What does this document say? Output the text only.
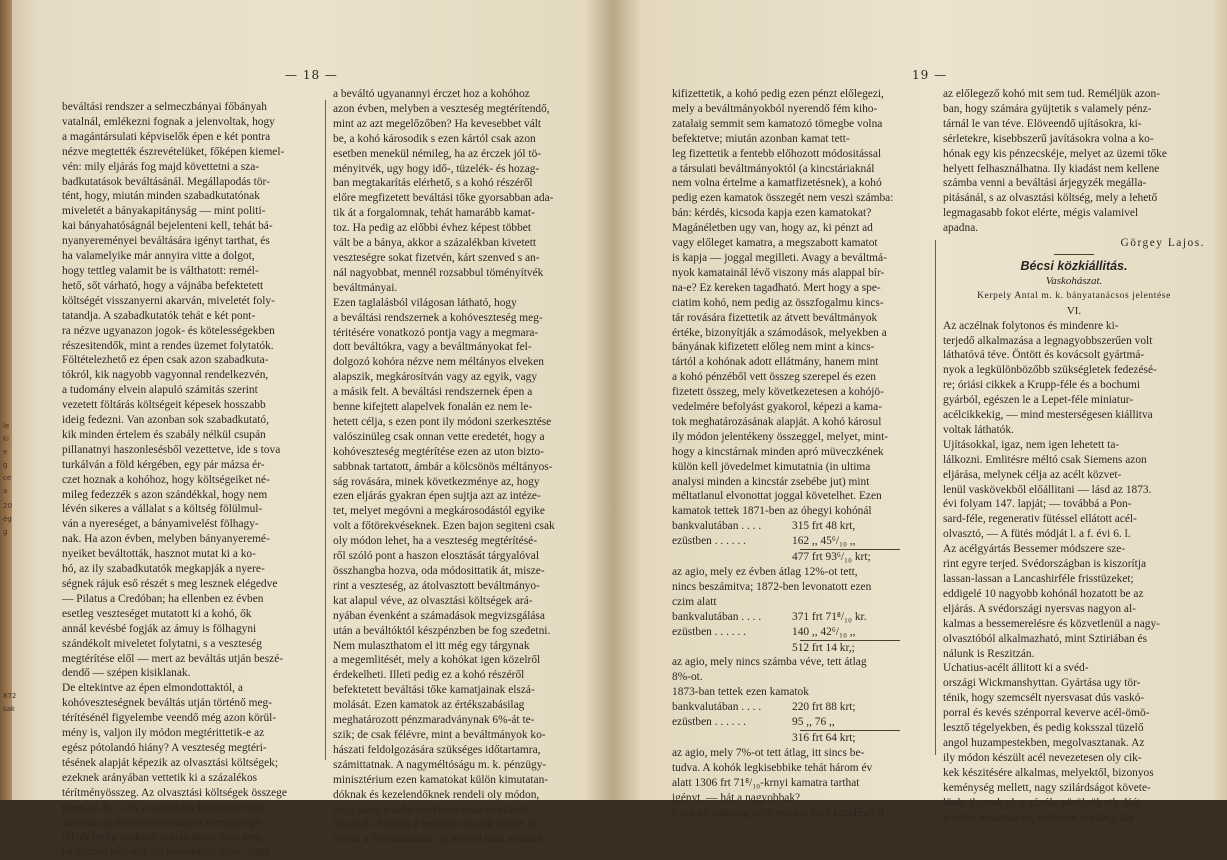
le
ki
e
g
ce
a
20
ég
g
872
sak
— 18 —
beváltási rendszer a selmeczbányai főbányah
vatalnál, emlékezni fognak a jelenvoltak, hogy
a magántársulati képviselők épen e két pontra
nézve megtették észrevételüket, főképen kiemel-
vén: mily eljárás fog majd követtetni a sza-
badkutatások beváltásánál. Megállapodás tör-
tént, hogy, miután minden szabadkutatónak
miveletét a bányakapitányság — mint politi-
kai bányahatóságnál bejelenteni kell, tehát bá-
nyanyereményei beváltására igényt tarthat, és
ha valamelyike már annyira vitte a dolgot,
hogy tettleg valamit be is válthatott: remél-
hető, sőt várható, hogy a vájnába befektetett
költségét visszanyerni akarván, miveletét foly-
tatandja. A szabadkutatók tehát e két pont-
ra nézve ugyanazon jogok- és kötelességekben
részesitendők, mint a rendes üzemet folytatók.
Föltételezhető ez épen csak azon szabadkuta-
tókról, kik nagyobb vagyonnal rendelkezvén,
a tudomány elvein alapuló számitás szerint
vezetett föltárás költségeit képesek hosszabb
ideig fedezni. Van azonban sok szabadkutató,
kik minden értelem és szabály nélkül csupán
pillanatnyi haszonlesésből vezettetve, ide s tova
turkálván a föld kérgében, egy pár mázsa ér-
czet hoznak a kohóhoz, hogy költségeiket né-
mileg fedezzék s azon szándékkal, hogy nem
lévén sikeres a vállalat s a költség fölülmul-
ván a nyereséget, a bányamivelést fölhagy-
nak. Ha azon évben, melyben bányanyeremé-
nyeiket beváltották, hasznot mutat ki a ko-
hó, az ily szabadkutatók megkapják a nyere-
ségnek rájuk eső részét s meg lesznek elégedve
— Pilatus a Credóban; ha ellenben ez évben
esetleg veszteséget mutatott ki a kohó, ők
annál kevésbé fogják az ámuy is fölhagyni
szándékolt miveletet folytatni, s a veszteség
megtérítése elől — mert az beváltás utján beszé-
dendő — szépen kisiklanak.
De eltekintve az épen elmondottaktól, a
kohóveszteségnek beváltás utján történő meg-
térítésénél figyelembe veendő még azon körül-
mény is, valjon ily módon megtérittetik-e az
egész pótolandó hiány? A veszteség megtéri-
tésének alapját képezik az olvasztási költségek;
ezeknek arányában vettetik ki a százalékos
térítményösszeg. Az olvasztási költségek összege
(nem az ár, — ez a salakadás functiója) függ
azonban az ércz-beváltmányok mennyiségé-
től, és pedig ezeknek száraz állapotban meg-
határozott súlyától. Ki kezeskedik arról, hogy
a beváltó ugyanannyi érczet hoz a kohóhoz
azon évben, melyben a veszteség megtérítendő,
mint az azt megelőzőben? Ha kevesebbet vált
be, a kohó károsodik s ezen kártól csak azon
esetben menekül némileg, ha az érczek jól tö-
ményitvék, ugy hogy idő-, tüzelék- és hozag-
ban megtakarítás elérhető, s a kohó részéről
előre megfizetett beváltási tőke gyorsabban ada-
tik át a forgalomnak, tehát hamarább kamat-
toz. Ha pedig az előbbi évhez képest többet
vált be a bánya, akkor a százalékban kivetett
veszteségre sokat fizetvén, kárt szenved s an-
nál nagyobbat, mennél rozsabbul töményítvék
beváltmányai.
Ezen taglalásból világosan látható, hogy
a beváltási rendszernek a kohóveszteség meg-
téritésére vonatkozó pontja vagy a megmara-
dott beváltókra, vagy a beváltmányokat fel-
dolgozó kohóra nézve nem méltányos elveken
alapszik, megkárosítván vagy az egyik, vagy
a másik felt. A beváltási rendszernek épen a
benne kifejtett alapelvek fonalán ez nem le-
hetett célja, s ezen pont ily módoni szerkesztése
valószinüleg csak onnan vette eredetét, hogy a
kohóveszteség megtérítése ezen az uton bizto-
sabbnak tartatott, ámbár a kölcsönös méltányos-
ság rovására, minek következménye az, hogy
ezen eljárás gyakran épen sujtja azt az intéze-
tet, melyet megóvni a megkárosodástól egyike
volt a főtörekvéseknek. Ezen bajon segiteni csak
oly módon lehet, ha a veszteség megtérítésé-
ről szóló pont a haszon elosztását tárgyalóval
összhangba hozva, oda módosittatik át, misze-
rint a veszteség, az átolvasztott beváltmányo-
kat alapul véve, az olvasztási költségek ará-
nyában évenként a számadások megvizsgálása
után a beváltóktól készpénzben be fog szedetni.
Nem mulaszthatom el itt még egy tárgynak
a megemlitését, mely a kohókat igen közelről
érdekelheti. Illeti pedig ez a kohó részéről
befektetett beváltási tőke kamatjainak elszá-
molását. Ezen kamatok az értékszabásilag
meghatározott pénzmaradványnak 6%-át te-
szik; de csak félévre, mint a beváltmányok ko-
hászati feldolgozására szükséges időtartamra,
számittatnak. A nagyméltóságu m. k. pénzügy-
minisztérium ezen kamatokat külön kimutatan-
dóknak és kezelendőknek rendeli oly módon,
hogy azok a kohó bevételei közé ne számit-
tassanak. Miután a beváltott érczek értéke, le-
vonva a levonandókat, az átvétel után azonnal
19 —
kifizettetik, a kohó pedig ezen pénzt előlegezi,
mely a beváltmányokból nyerendő fém kiho-
zatalaig semmit sem kamatozó tömegbe volna
befektetve; miután azonban kamat tett-
leg fizettetik a fentebb előhozott módositással
a társulati beváltmányoktól (a kincstáriaknál
nem volna értelme a kamatfizetésnek), a kohó
pedig ezen kamatok összegét nem veszi számba:
bán: kérdés, kicsoda kapja ezen kamatokat?
Magánéletben ugy van, hogy az, ki pénzt ad
vagy előleget kamatra, a megszabott kamatot
is kapja — joggal megilleti. Avagy a beváltmá-
nyok kamatainál lévő viszony más alappal bír-
na-e? Ez kereken tagadható. Mert hogy a spe-
ciatim kohó, nem pedig az összfogalmu kincs-
tár rovására fizettetik az átvett beváltmányok
értéke, bizonyítják a számodások, melyekben a
bányának kifizetett előleg nem mint a kincs-
tártól a kohónak adott ellátmány, hanem mint
a kohó pénzéből vett összeg szerepel és ezen
fizetett összeg, mely következetesen a kohójö-
vedelmére befolyást gyakorol, képezi a kama-
tok meghatározásának alapját. A kohó károsul
ily módon jelentékeny összeggel, melyet, mint-
hogy a kincstárnak minden apró müveczkének
külön kell jövedelmet kimutatnia (in ultima
analysi minden a kincstár zsebébe jut) mint
méltatlanul elvonottat joggal követelhet. Ezen
kamatok tettek 1871-ben az óhegyi kohónál
bankvalutában . . . .	315 frt 48 krt,
ezüstben . . . . . .	162 ,, 45⁶/₁₀ ,,
477 frt 93⁶/₁₀ krt;
az agio, mely ez évben átlag 12%-ot tett,
nincs beszámitva; 1872-ben levonatott ezen
czim alatt
bankvalutában . . . .	371 frt 71⁸/₁₀ kr.
ezüstben . . . . . .	140 ,, 42⁶/₁₀ ,,
512 frt 14 kr,;
az agio, mely nincs számba véve, tett átlag
8%-ot.
1873-ban tettek ezen kamatok
bankvalutában . . . .	220 frt 88 krt;
ezüstben . . . . . .	95 ,, 76 ,,
316 frt 64 krt;
az agio, mely 7%-ot tett átlag, itt sincs be-
tudva. A kohók legkisebbike tehát három év
alatt 1306 frt 71⁸/₁₀-krnyi kamatra tarthat
igényt, — hát a nagyobbak?
Ezen pénzösszeg mily módon való kezeléséről
az előlegező kohó mit sem tud. Reméljük azon-
ban, hogy számára gyüjtetik s valamely pénz-
tárnál le van téve. Elöveendő ujításokra, ki-
sérletekre, kisebbszerű javításokra volna a ko-
hónak egy kis pénzecskéje, melyet az üzemi tőke
helyett felhasználhatna. Ily kiadást nem kellene
számba venni a beváltási árjegyzék megálla-
pitásánál, s az olvasztási költség, mely a lehető
legmagasabb fokot elérte, mégis valamivel
apadna.
Görgey Lajos.
Bécsi közkiállitás.
Vaskohászat.
Kerpely Antal m. k. bányatanácsos jelentése
VI.
Az aczélnak folytonos és mindenre ki-
terjedő alkalmazása a legnagyobbszerűen volt
láthatóvá téve. Öntött és kovácsolt gyártmá-
nyok a legkülönbözőbb szükségletek fedezésé-
re; óriási cikkek a Krupp-féle és a bochumi
gyárból, egészen le a Lepet-féle miniatur-
acélcikkekig, — mind mesterségesen kiállitva
voltak láthatók.
Ujításokkal, igaz, nem igen lehetett ta-
lálkozni. Emlitésre méltó csak Siemens azon
eljárása, melynek célja az acélt közvet-
lenül vaskövekből előállitani — lásd az 1873.
évi folyam 147. lapját; — továbbá a Pon-
sard-féle, regenerativ fütéssel ellátott acél-
olvasztó, — A fütés módját l. a f. évi 6. l.
Az acélgyártás Bessemer módszere sze-
rint egyre terjed. Svédországban is kiszorítja
lassan-lassan a Lancashirféle frisstüzeket;
eddigelé 10 nagyobb kohónál hozatott be az
eljárás. A svédországi nyersvas nagyon al-
kalmas a bessemerelésre és közvetlenül a nagy-
olvasztóból alkalmazható, mint Sztiriában és
nálunk is Reszitzán.
Uchatius-acélt állitott ki a svéd-
országi Wickmanshyttan. Gyártása ugy tör-
ténik, hogy szemcsélt nyersvasat dús vaskó-
porral és kevés szénporral keverve acél-ömö-
lesztő tégelyekben, és pedig koksszal tüzelő
angol huzampestekben, megolvasztanak. Az
ily módon készült acél nevezetesen oly cik-
kek készitésére alkalmas, melyektől, bizonyos
keménység mellett, nagy szilárdságot követe-
lünk; ilyenek pl. a zúzók, pörölyök stb. Két
pörölyt mutattak be, melynek mindegyike
